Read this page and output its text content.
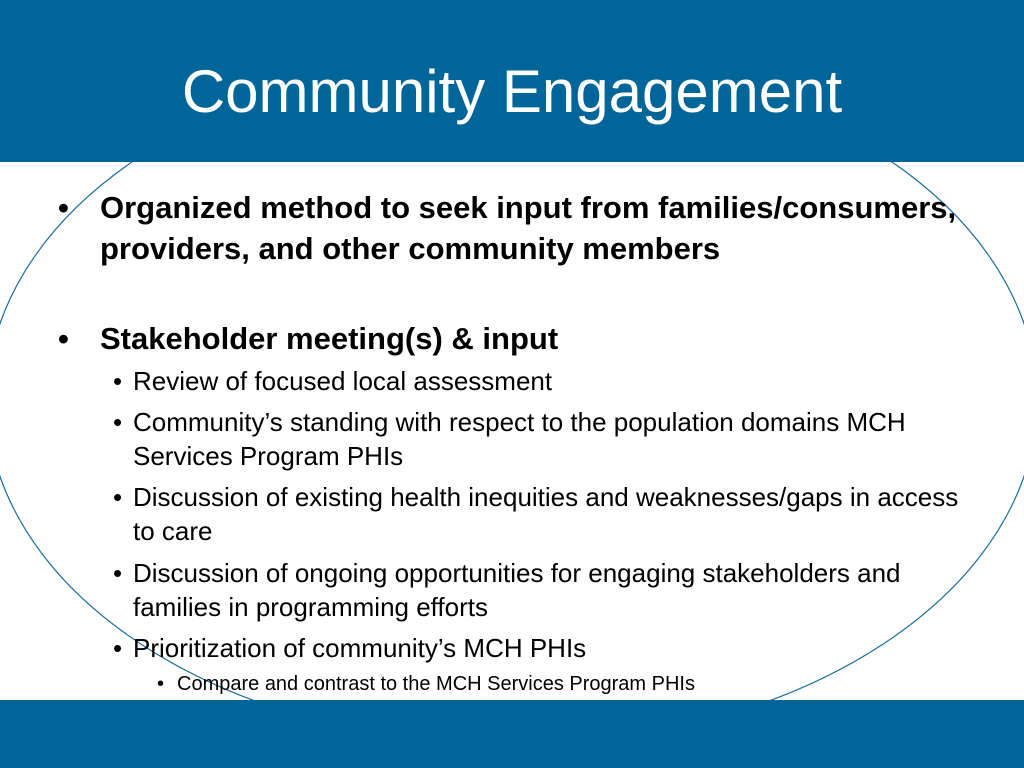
Community Engagement
• Organized method to seek input from families/consumers, providers, and other community members
• Stakeholder meeting(s) & input
• Review of focused local assessment
• Community’s standing with respect to the population domains MCH Services Program PHIs
• Discussion of existing health inequities and weaknesses/gaps in access to care
• Discussion of ongoing opportunities for engaging stakeholders and families in programming efforts
• Prioritization of community’s MCH PHIs
• Compare and contrast to the MCH Services Program PHIs
